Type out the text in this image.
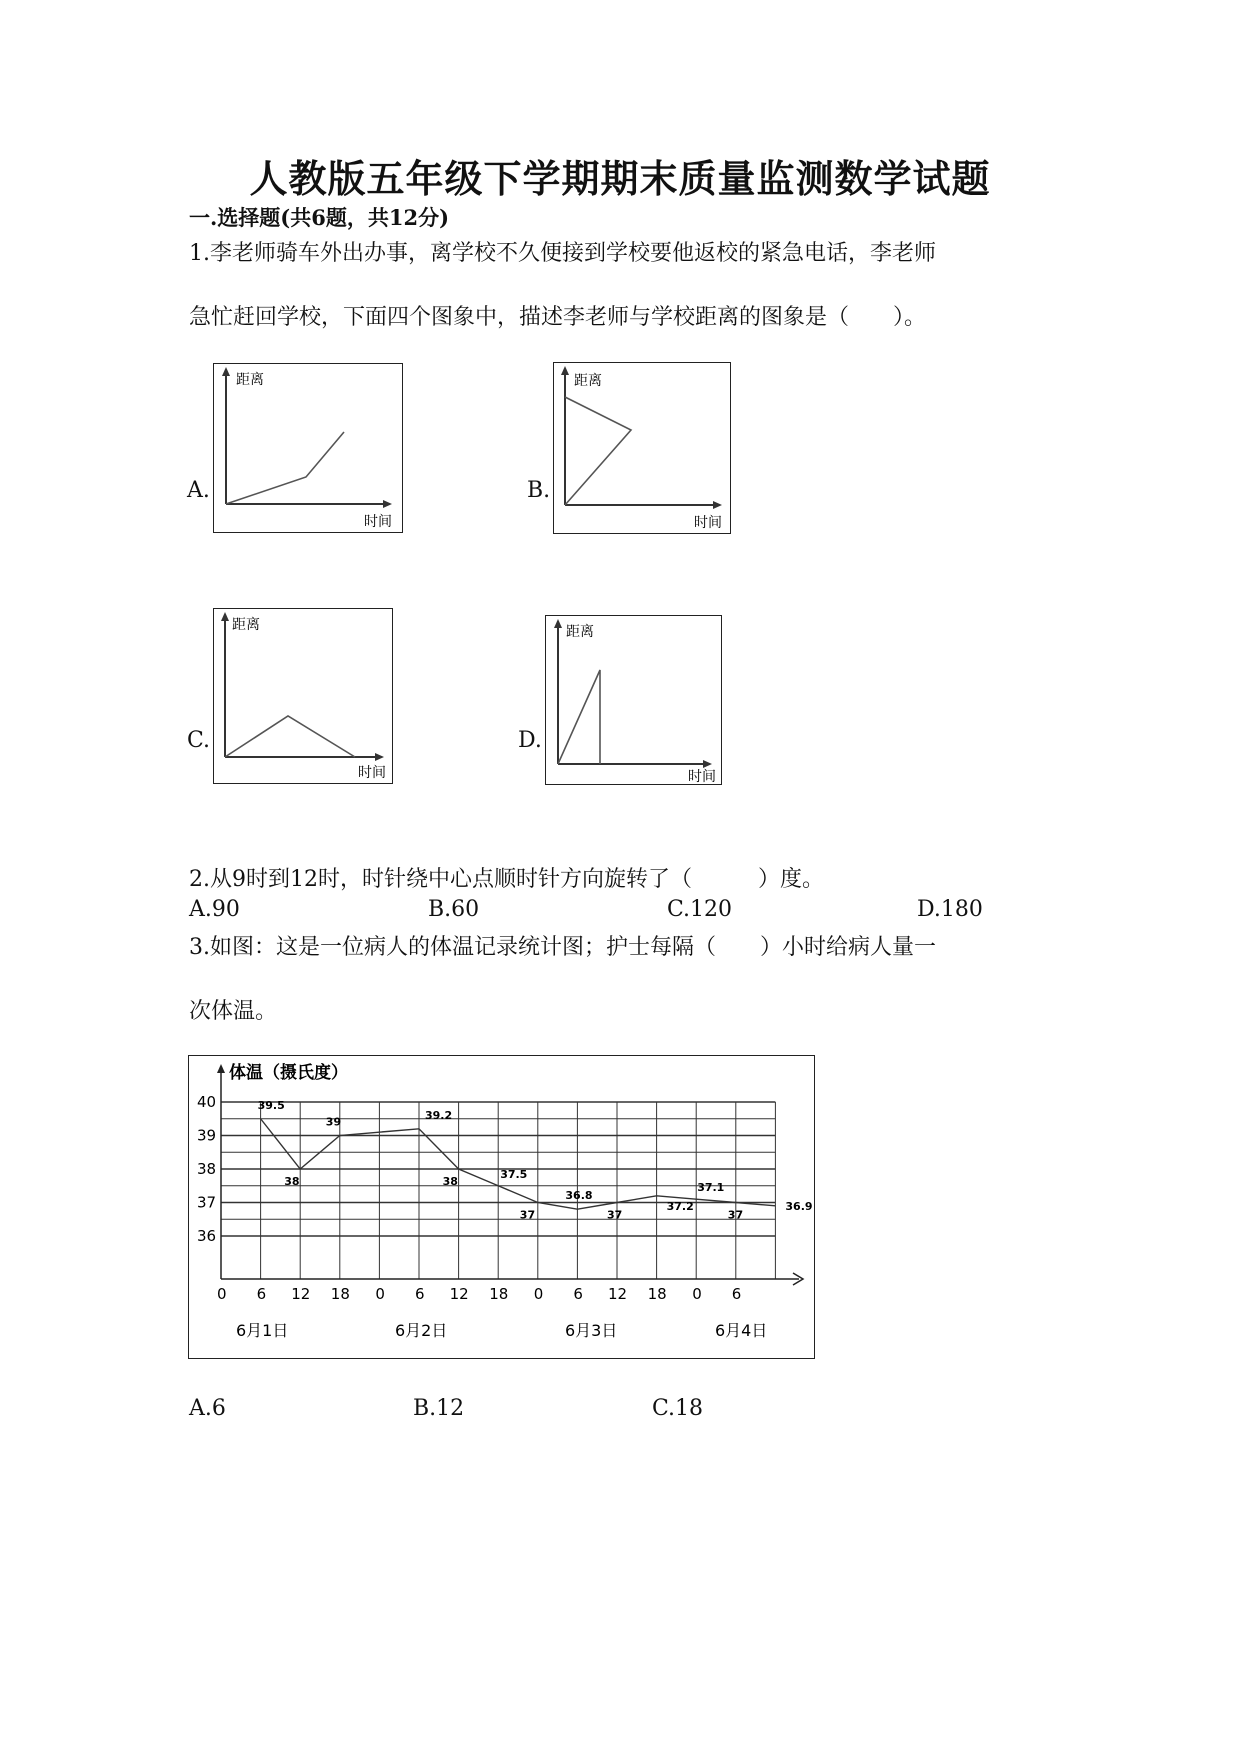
人教版五年级下学期期末质量监测数学试题
一.选择题(共6题，共12分)
1.李老师骑车外出办事，离学校不久便接到学校要他返校的紧急电话，李老师
急忙赶回学校，下面四个图象中，描述李老师与学校距离的图象是（　　）。
A.
距离
时间
B.
距离
时间
C.
距离
时间
D.
距离
时间
2.从9时到12时，时针绕中心点顺时针方向旋转了（　　　）度。
A.90	B.60	C.120	D.180
3.如图：这是一位病人的体温记录统计图；护士每隔（　　）小时给病人量一
次体温。
体温（摄氏度）
40
39
38
37
36
0 6 12 18 0 6 12 18 0 6 12 18 0 6
6月1日	6月2日	6月3日	6月4日
39.5
38
39
39.2
38
37.5
37
36.8
37
37.2
37.1
37
36.9
A.6	B.12	C.18
